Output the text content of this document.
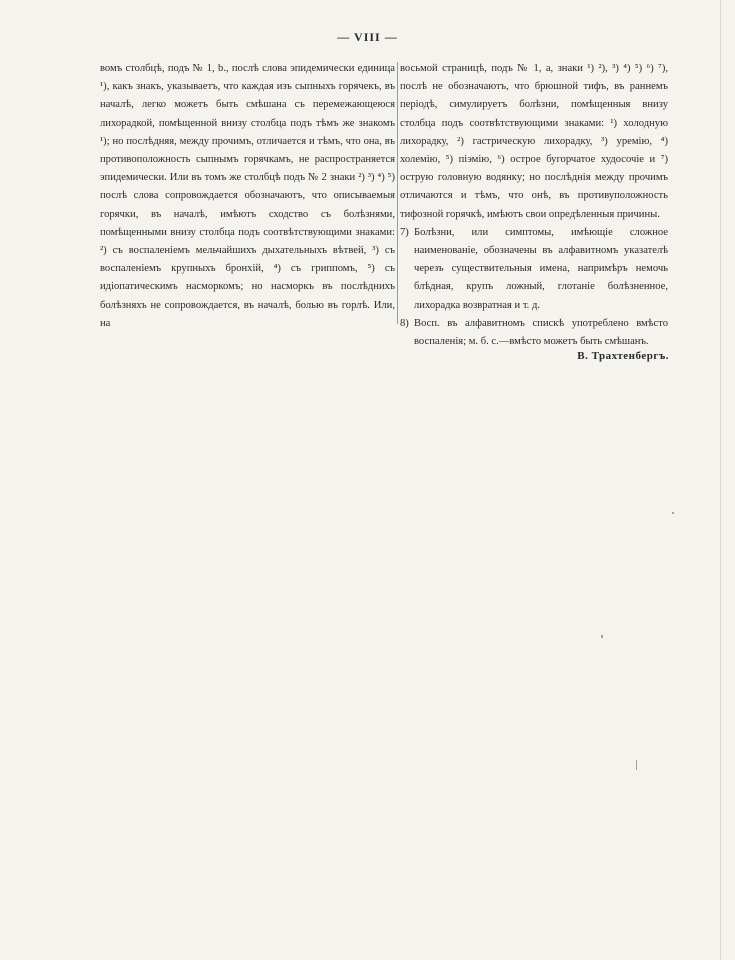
— VIII —

вомъ столбцѣ, подъ № 1, b., послѣ слова эпидемически единица ¹), какъ знакъ, указываетъ, что каждая изъ сыпныхъ горячекъ, въ началѣ, легко можетъ быть смѣшана съ перемежающеюся лихорадкой, помѣщенной внизу столбца подъ тѣмъ же знакомъ ¹); но послѣдняя, между прочимъ, отличается и тѣмъ, что она, въ противоположность сыпнымъ горячкамъ, не распространяется эпидемически. Или въ томъ же столбцѣ подъ № 2 знаки ²) ³) ⁴) ⁵) послѣ слова сопровождается обозначаютъ, что описываемыя горячки, въ началѣ, имѣютъ сходство съ болѣзнями, помѣщенными внизу столбца подъ соотвѣтствующими знаками: ²) съ воспаленіемъ мельчайшихъ дыхательныхъ вѣтвей, ³) съ воспаленіемъ крупныхъ бронхій, ⁴) съ гриппомъ, ⁵) съ идіопатическимъ насморкомъ; но насморкъ въ послѣднихъ болѣзняхъ не сопровождается, въ началѣ, болью въ горлѣ. Или, на

восьмой страницѣ, подъ № 1, а, знаки ¹) ²), ³) ⁴) ⁵) ⁶) ⁷), послѣ не обозначаютъ, что брюшной тифъ, въ раннемъ періодѣ, симулируетъ болѣзни, помѣщенныя внизу столбца подъ соотвѣтствующими знаками: ¹) холодную лихорадку, ²) гастрическую лихорадку, ³) уремію, ⁴) холемію, ⁵) піэмію, ⁶) острое бугорчатое худосочіе и ⁷) острую головную водянку; но послѣднія между прочимъ отличаются и тѣмъ, что онѣ, въ противуположность тифозной горячкѣ, имѣютъ свои опредѣленныя причины.

7) Болѣзни, или симптомы, имѣющіе сложное наименованіе, обозначены въ алфавитномъ указателѣ черезъ существительныя имена, напримѣръ немочь блѣдная, крупъ ложный, глотаніе болѣзненное, лихорадка возвратная и т. д.
8) Восп. въ алфавитномъ спискѣ употреблено вмѣсто воспаленія; м. б. с.—вмѣсто можетъ быть смѣшанъ.
В. Трахтенбергъ.
